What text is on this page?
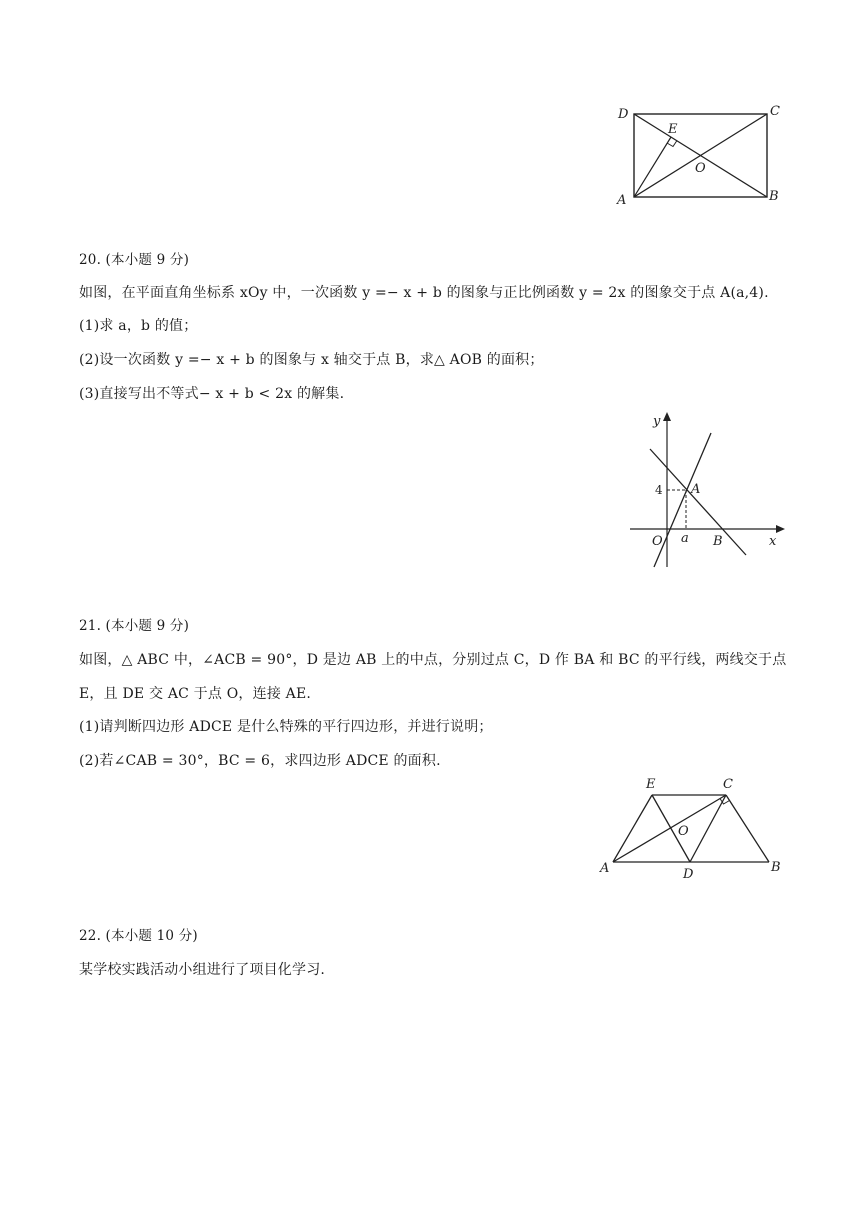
D	C
E
O
A	B
20. (本小题 9 分)
如图，在平面直角坐标系 xOy 中，一次函数 y =− x + b 的图象与正比例函数 y = 2x 的图象交于点 A(a,4).
(1)求 a，b 的值；
(2)设一次函数 y =− x + b 的图象与 x 轴交于点 B，求△ AOB 的面积；
(3)直接写出不等式− x + b < 2x 的解集.
y
x
4 A
O a B
21. (本小题 9 分)
如图，△ ABC 中，∠ACB = 90°，D 是边 AB 上的中点，分别过点 C，D 作 BA 和 BC 的平行线，两线交于点
E，且 DE 交 AC 于点 O，连接 AE.
(1)请判断四边形 ADCE 是什么特殊的平行四边形，并进行说明；
(2)若∠CAB = 30°，BC = 6，求四边形 ADCE 的面积.
E	C
O
A	D	B
22. (本小题 10 分)
某学校实践活动小组进行了项目化学习.
